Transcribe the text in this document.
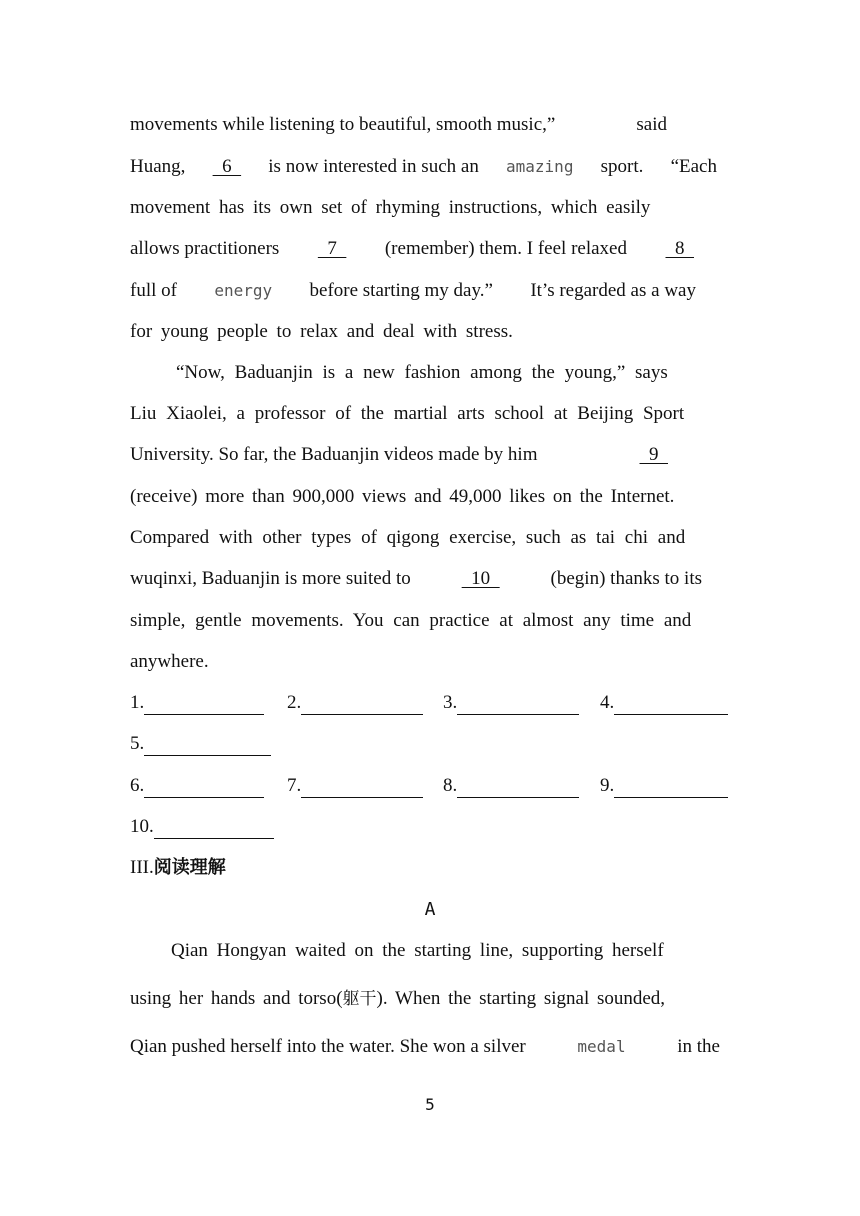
movements while listening to beautiful, smooth music,”	said
Huang, 6 is now interested in such an amazing sport. “Each
movement has its own set of rhyming instructions, which easily
allows practitioners 7 (remember) them. I feel relaxed 8
full of energy before starting my day.” It’s regarded as a way
for young people to relax and deal with stress.
“Now, Baduanjin is a new fashion among the young,” says
Liu Xiaolei, a professor of the martial arts school at Beijing Sport
University. So far, the Baduanjin videos made by him	9
(receive) more than 900,000 views and 49,000 likes on the Internet.
Compared with other types of qigong exercise, such as tai chi and
wuqinxi, Baduanjin is more suited to	10	(begin) thanks to its
simple, gentle movements. You can practice at almost any time and
anywhere.
1.	2.	3.	4.
5.
6.	7.	8.	9.
10.
III.阅读理解
A
Qian Hongyan waited on the starting line, supporting herself
using her hands and torso( 躯干 ). When the starting signal sounded,
Qian pushed herself into the water. She won a silver	medal	in the
5
